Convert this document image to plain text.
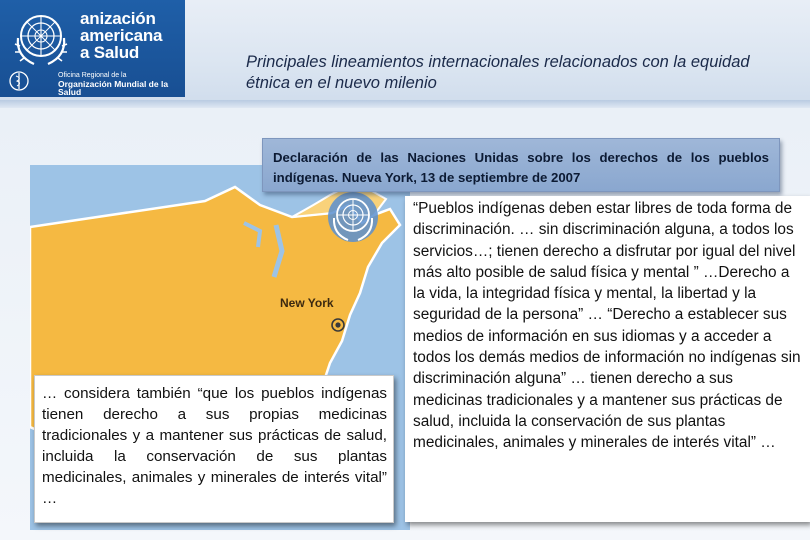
anización
americana
a Salud
Oficina Regional de la
Organización Mundial de la Salud
Principales lineamientos internacionales relacionados con la equidad étnica en el nuevo milenio
New York
Declaración de las Naciones Unidas sobre los derechos de los pueblos indígenas. Nueva York, 13 de septiembre de 2007
… considera también “que los pueblos indígenas tienen derecho a sus propias medicinas tradicionales y a mantener sus prácticas de salud, incluida la conservación de sus plantas medicinales, animales y minerales de interés vital” …
“Pueblos indígenas deben estar libres de toda forma de discriminación. … sin discriminación alguna, a todos los servicios…; tienen derecho a disfrutar por igual del nivel más alto posible de salud física y mental ” …Derecho a la vida, la integridad física y mental, la libertad y la seguridad de la persona” … “Derecho a establecer sus medios de información en sus idiomas y a acceder a todos los demás medios de información no indígenas sin discriminación alguna” … tienen derecho a sus medicinas tradicionales y a mantener sus prácticas de salud, incluida la conservación de sus plantas medicinales, animales y minerales de interés vital” …
